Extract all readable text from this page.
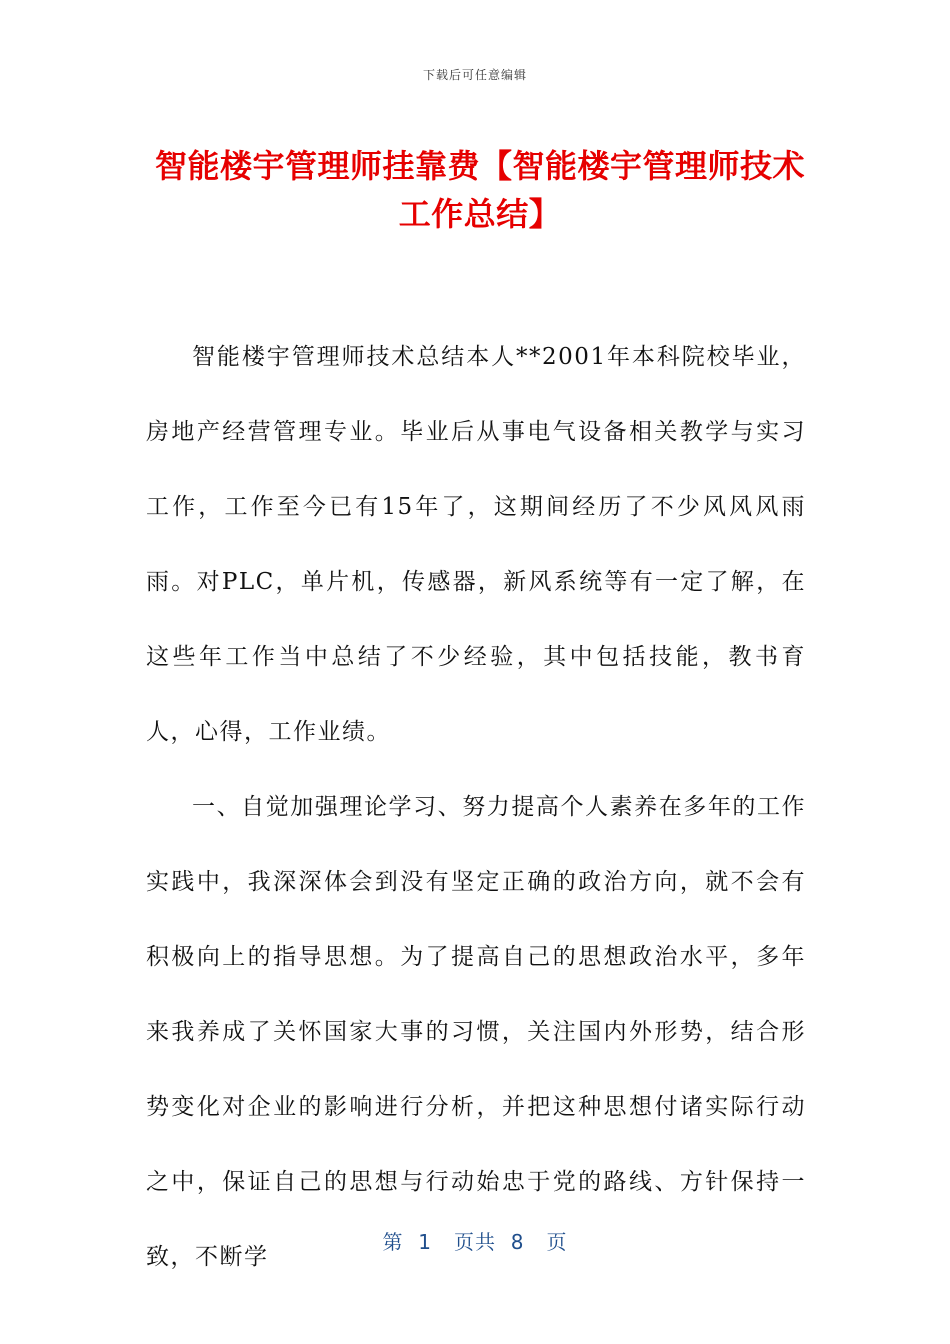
下载后可任意编辑
智能楼宇管理师挂靠费【智能楼宇管理师技术工作总结】

智能楼宇管理师技术总结本人**2001年本科院校毕业，房地产经营管理专业。毕业后从事电气设备相关教学与实习工作，工作至今已有15年了，这期间经历了不少风风风雨雨。对PLC，单片机，传感器，新风系统等有一定了解，在这些年工作当中总结了不少经验，其中包括技能，教书育人，心得，工作业绩。

一、自觉加强理论学习、努力提高个人素养在多年的工作实践中，我深深体会到没有坚定正确的政治方向，就不会有积极向上的指导思想。为了提高自己的思想政治水平，多年来我养成了关怀国家大事的习惯，关注国内外形势，结合形势变化对企业的影响进行分析，并把这种思想付诸实际行动之中，保证自己的思想与行动始忠于党的路线、方针保持一致，不断学

第  1   页共  8   页
